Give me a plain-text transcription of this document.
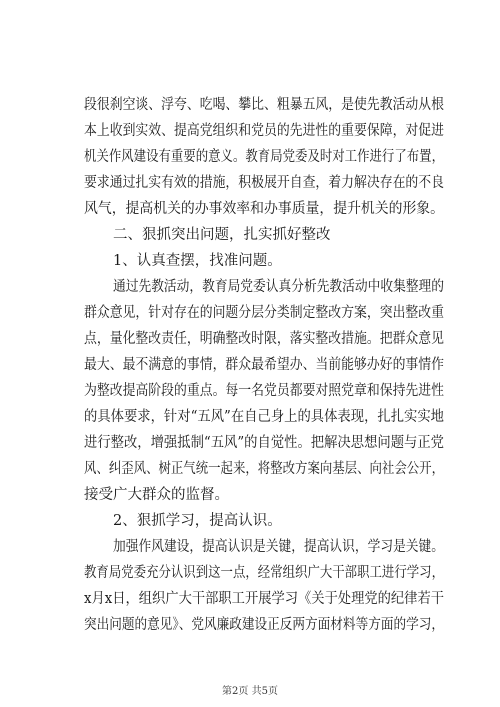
段很刹空谈、浮夸、吃喝、攀比、粗暴五风，是使先教活动从根
本上收到实效、提高党组织和党员的先进性的重要保障，对促进
机关作风建设有重要的意义。教育局党委及时对工作进行了布置，
要求通过扎实有效的措施，积极展开自查，着力解决存在的不良
风气，提高机关的办事效率和办事质量，提升机关的形象。
二、狠抓突出问题，扎实抓好整改
1、认真查摆，找准问题。
通过先教活动，教育局党委认真分析先教活动中收集整理的
群众意见，针对存在的问题分层分类制定整改方案，突出整改重
点，量化整改责任，明确整改时限，落实整改措施。把群众意见
最大、最不满意的事情，群众最希望办、当前能够办好的事情作
为整改提高阶段的重点。每一名党员都要对照党章和保持先进性
的具体要求，针对“五风”在自己身上的具体表现，扎扎实实地
进行整改，增强抵制“五风”的自觉性。把解决思想问题与正党
风、纠歪风、树正气统一起来，将整改方案向基层、向社会公开，
接受广大群众的监督。
2、狠抓学习，提高认识。
加强作风建设，提高认识是关键，提高认识，学习是关键。
教育局党委充分认识到这一点，经常组织广大干部职工进行学习，
x月x日，组织广大干部职工开展学习《关于处理党的纪律若干
突出问题的意见》、党风廉政建设正反两方面材料等方面的学习，
第2页 共5页
